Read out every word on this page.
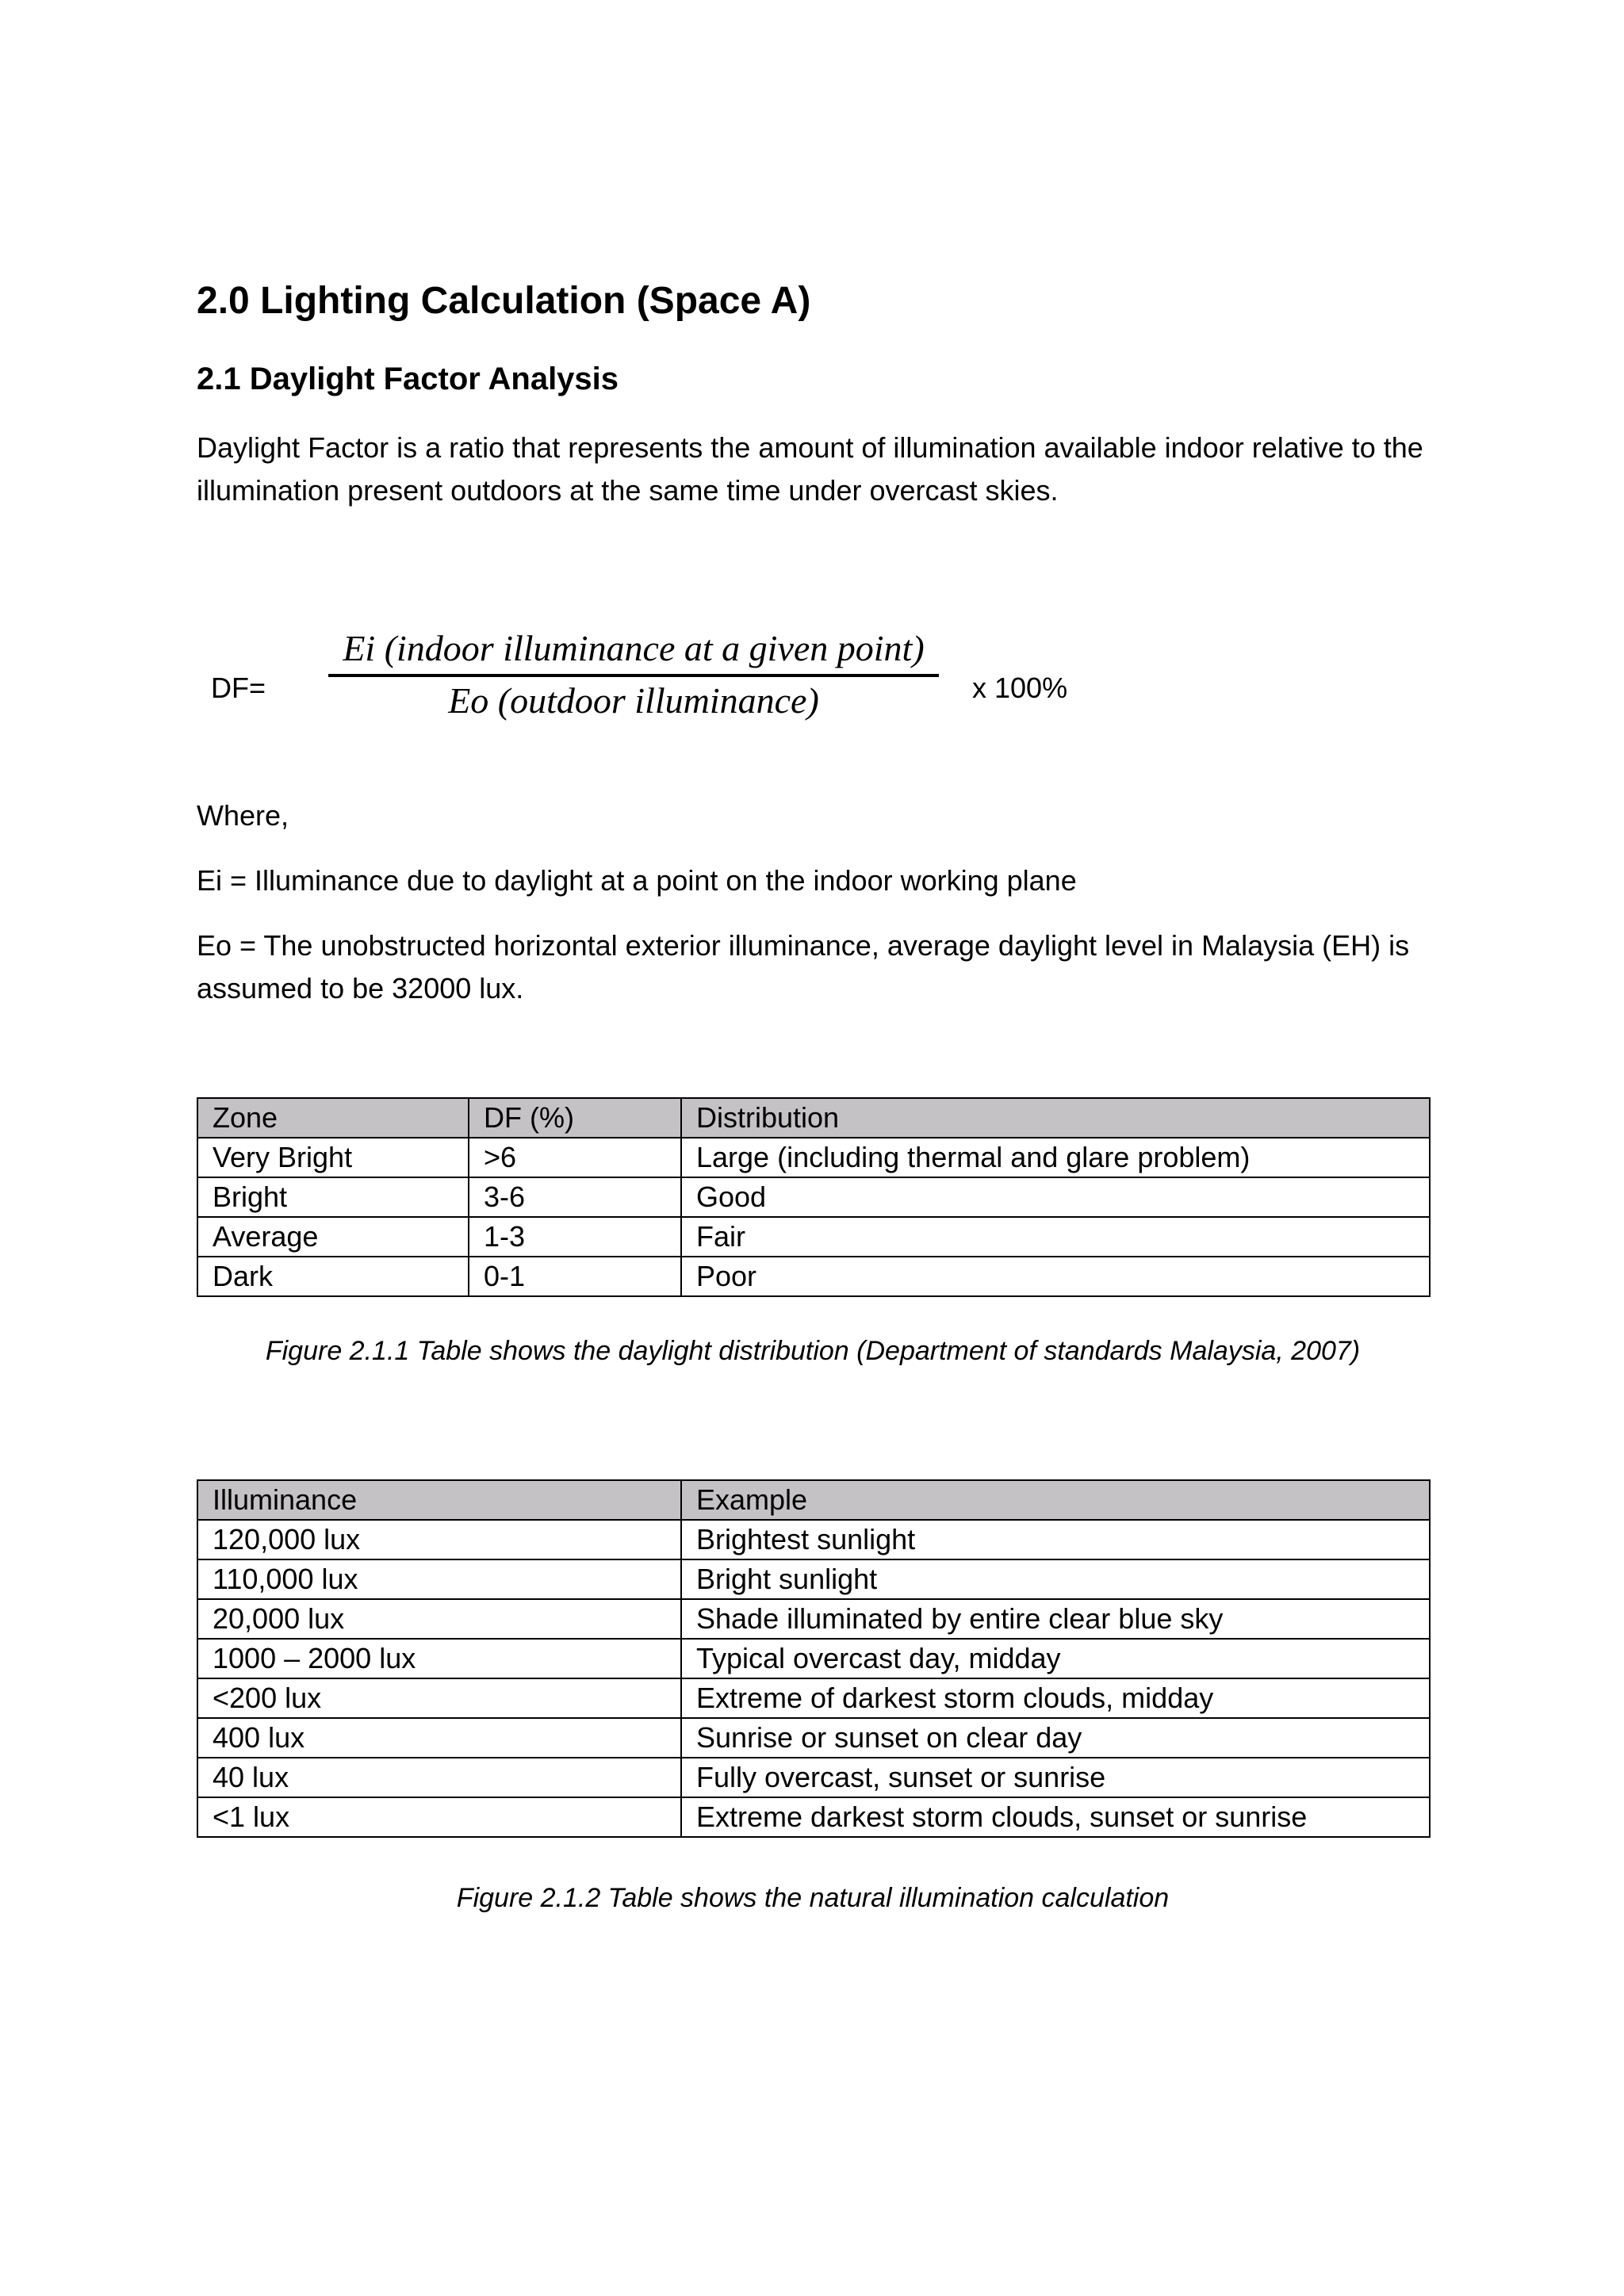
2.0 Lighting Calculation (Space A)
2.1 Daylight Factor Analysis
Daylight Factor is a ratio that represents the amount of illumination available indoor relative to the illumination present outdoors at the same time under overcast skies.
DF=
Ei (indoor illuminance at a given point)
Eo (outdoor illuminance)	x 100%
Where,
Ei = Illuminance due to daylight at a point on the indoor working plane
Eo = The unobstructed horizontal exterior illuminance, average daylight level in Malaysia (EH) is assumed to be 32000 lux.
Zone	DF (%)	Distribution
Very Bright	>6	Large (including thermal and glare problem)
Bright	3-6	Good
Average	1-3	Fair
Dark	0-1	Poor
Figure 2.1.1 Table shows the daylight distribution (Department of standards Malaysia, 2007)
Illuminance	Example
120,000 lux	Brightest sunlight
110,000 lux	Bright sunlight
20,000 lux	Shade illuminated by entire clear blue sky
1000 – 2000 lux	Typical overcast day, midday
<200 lux	Extreme of darkest storm clouds, midday
400 lux	Sunrise or sunset on clear day
40 lux	Fully overcast, sunset or sunrise
<1 lux	Extreme darkest storm clouds, sunset or sunrise
Figure 2.1.2 Table shows the natural illumination calculation
